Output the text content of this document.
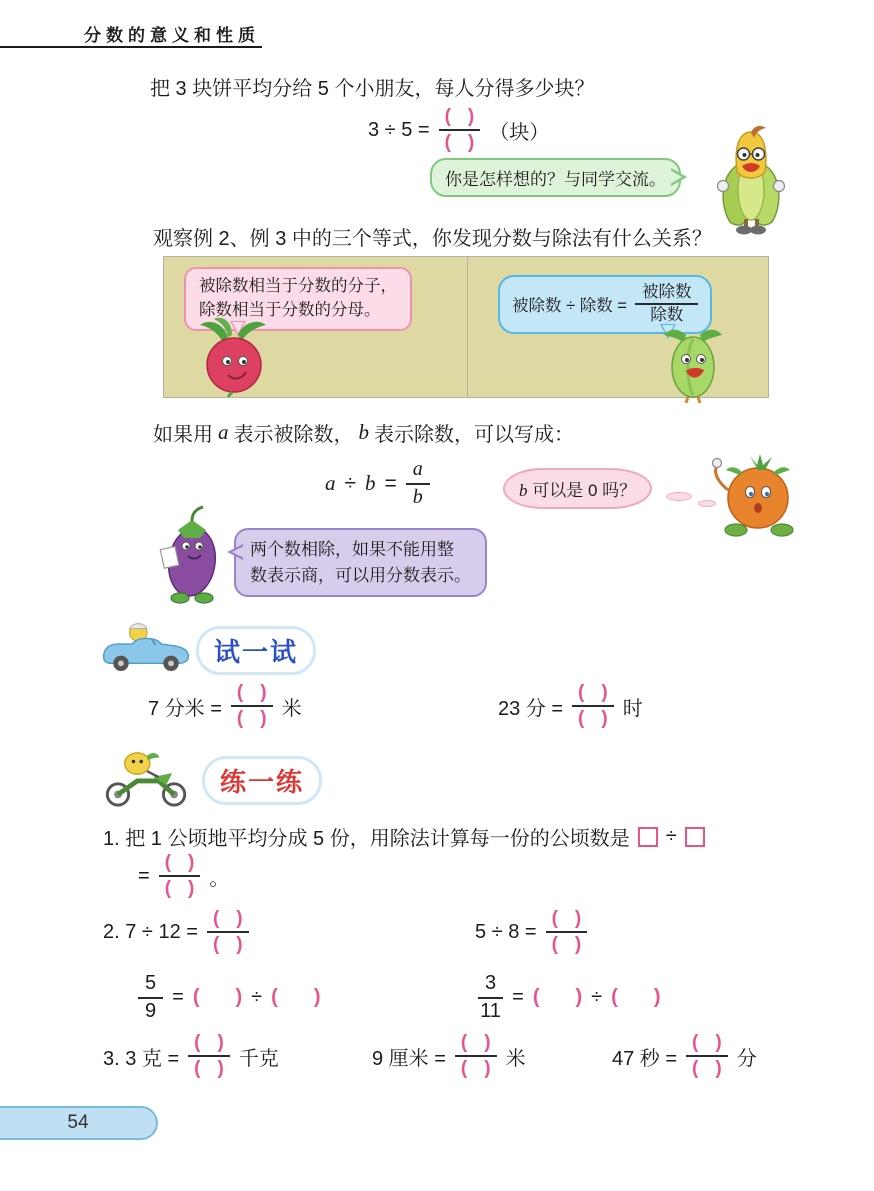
分数的意义和性质
把 3 块饼平均分给 5 个小朋友，每人分得多少块？
3 ÷ 5 =
( )
( ) （块）
你是怎样想的？与同学交流。
观察例 2、例 3 中的三个等式，你发现分数与除法有什么关系？
被除数相当于分数的分子，
除数相当于分数的分母。	被除数 ÷ 除数 =
被除数
除数
如果用 a 表示被除数， b 表示除数，可以写成：
$a \div b = \frac{a}{b}$	b 可以是 0 吗？
两个数相除，如果不能用整
数表示商，可以用分数表示。
试一试
7 分米 =
( )
( ) 米	23 分 =
( )
( ) 时
练一练
1. 把 1 公顷地平均分成 5 份，用除法计算每一份的公顷数是 ÷
=
( )
( ) 。
2. 7 ÷ 12 =
( )
( )
5 ÷ 8 =
( )
( )
$\frac{5}{9}$ = ( ) ÷ ( )	$\frac{3}{11}$ = ( ) ÷ ( )
3. 3 克 =
( )
( ) 千克	9 厘米 =
( )
( ) 米	47 秒 =
( )
( ) 分
54
